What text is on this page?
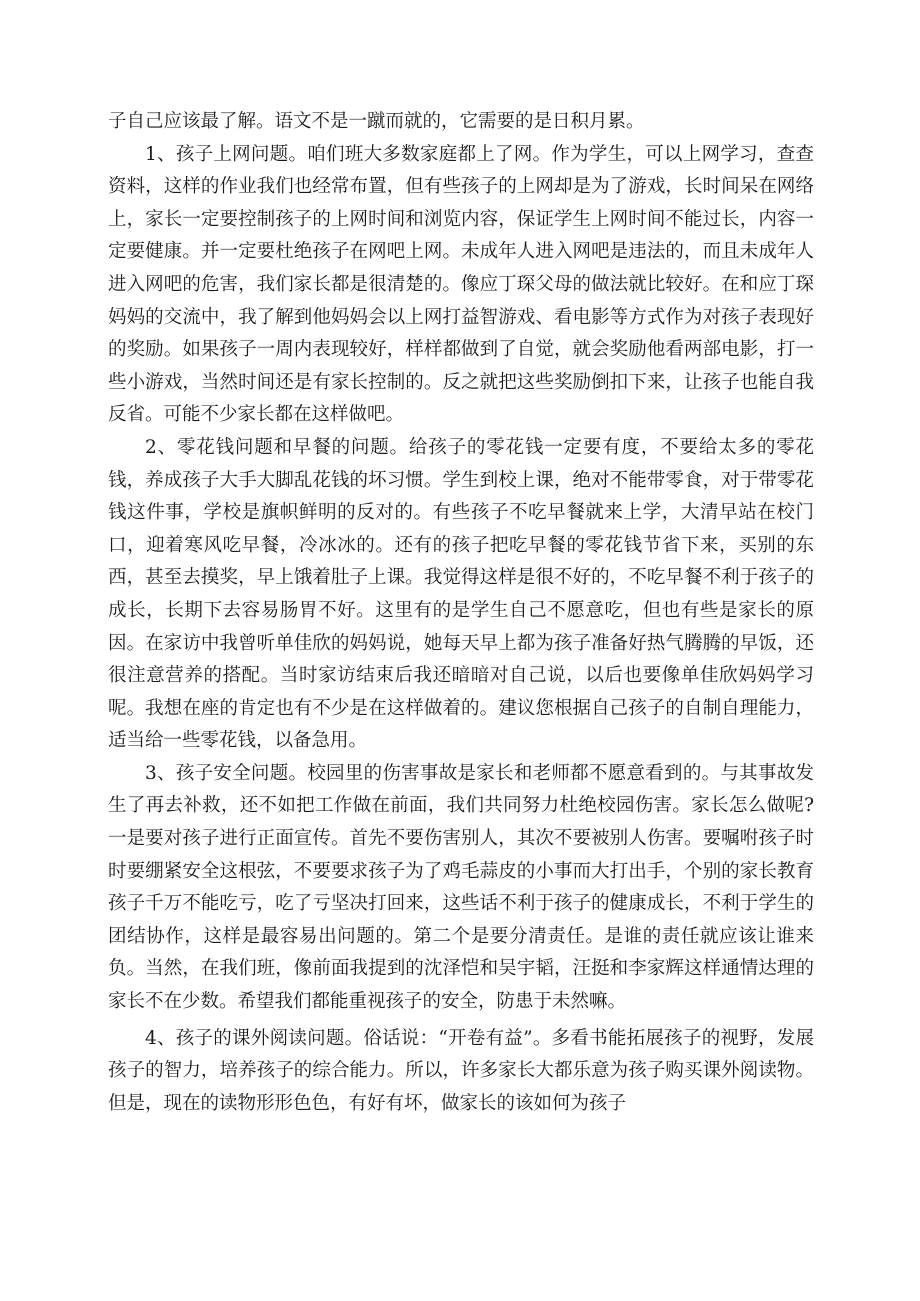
子自己应该最了解。语文不是一蹴而就的，它需要的是日积月累。

1、孩子上网问题。咱们班大多数家庭都上了网。作为学生，可以上网学习，查查资料，这样的作业我们也经常布置，但有些孩子的上网却是为了游戏，长时间呆在网络上，家长一定要控制孩子的上网时间和浏览内容，保证学生上网时间不能过长，内容一定要健康。并一定要杜绝孩子在网吧上网。未成年人进入网吧是违法的，而且未成年人进入网吧的危害，我们家长都是很清楚的。像应丁琛父母的做法就比较好。在和应丁琛妈妈的交流中，我了解到他妈妈会以上网打益智游戏、看电影等方式作为对孩子表现好的奖励。如果孩子一周内表现较好，样样都做到了自觉，就会奖励他看两部电影，打一些小游戏，当然时间还是有家长控制的。反之就把这些奖励倒扣下来，让孩子也能自我反省。可能不少家长都在这样做吧。

2、零花钱问题和早餐的问题。给孩子的零花钱一定要有度，不要给太多的零花钱，养成孩子大手大脚乱花钱的坏习惯。学生到校上课，绝对不能带零食，对于带零花钱这件事，学校是旗帜鲜明的反对的。有些孩子不吃早餐就来上学，大清早站在校门口，迎着寒风吃早餐，冷冰冰的。还有的孩子把吃早餐的零花钱节省下来，买别的东西，甚至去摸奖，早上饿着肚子上课。我觉得这样是很不好的，不吃早餐不利于孩子的成长，长期下去容易肠胃不好。这里有的是学生自己不愿意吃，但也有些是家长的原因。在家访中我曾听单佳欣的妈妈说，她每天早上都为孩子准备好热气腾腾的早饭，还很注意营养的搭配。当时家访结束后我还暗暗对自己说，以后也要像单佳欣妈妈学习呢。我想在座的肯定也有不少是在这样做着的。建议您根据自己孩子的自制自理能力，适当给一些零花钱，以备急用。

3、孩子安全问题。校园里的伤害事故是家长和老师都不愿意看到的。与其事故发生了再去补救，还不如把工作做在前面，我们共同努力杜绝校园伤害。家长怎么做呢?一是要对孩子进行正面宣传。首先不要伤害别人，其次不要被别人伤害。要嘱咐孩子时时要绷紧安全这根弦，不要要求孩子为了鸡毛蒜皮的小事而大打出手，个别的家长教育孩子千万不能吃亏，吃了亏坚决打回来，这些话不利于孩子的健康成长，不利于学生的团结协作，这样是最容易出问题的。第二个是要分清责任。是谁的责任就应该让谁来负。当然，在我们班，像前面我提到的沈泽恺和吴宇韬，汪挺和李家辉这样通情达理的家长不在少数。希望我们都能重视孩子的安全，防患于未然嘛。

4、孩子的课外阅读问题。俗话说：“开卷有益”。多看书能拓展孩子的视野，发展孩子的智力，培养孩子的综合能力。所以，许多家长大都乐意为孩子购买课外阅读物。但是，现在的读物形形色色，有好有坏，做家长的该如何为孩子
